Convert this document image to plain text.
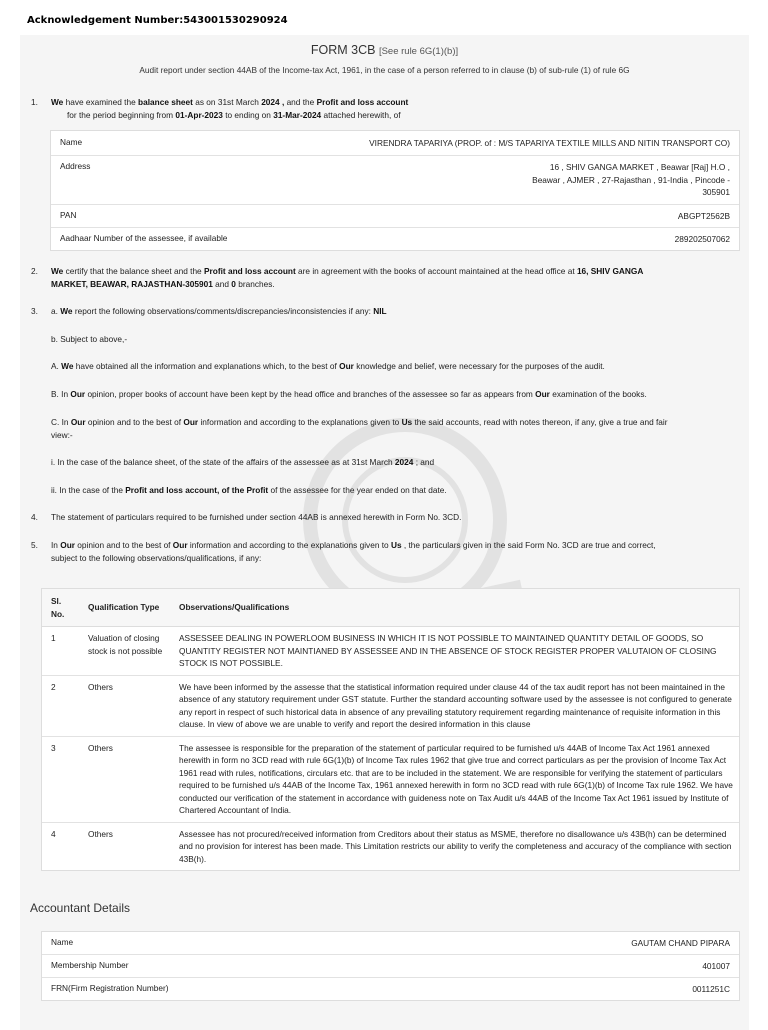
Acknowledgement Number:543001530290924
FORM 3CB [See rule 6G(1)(b)]
Audit report under section 44AB of the Income-tax Act, 1961, in the case of a person referred to in clause (b) of sub-rule (1) of rule 6G
1. We have examined the balance sheet as on 31st March 2024 , and the Profit and loss account
for the period beginning from 01-Apr-2023 to ending on 31-Mar-2024 attached herewith, of
Name	VIRENDRA TAPARIYA (PROP. of : M/S TAPARIYA TEXTILE MILLS AND NITIN TRANSPORT CO)
Address	16 , SHIV GANGA MARKET , Beawar [Raj] H.O ,
Beawar , AJMER , 27-Rajasthan , 91-India , Pincode -
305901
PAN	ABGPT2562B
Aadhaar Number of the assessee, if available	289202507062
2. We certify that the balance sheet and the Profit and loss account are in agreement with the books of account maintained at the head office at 16, SHIV GANGA
MARKET, BEAWAR, RAJASTHAN-305901 and 0 branches.
3. a. We report the following observations/comments/discrepancies/inconsistencies if any: NIL
b. Subject to above,-
A. We have obtained all the information and explanations which, to the best of Our knowledge and belief, were necessary for the purposes of the audit.
B. In Our opinion, proper books of account have been kept by the head office and branches of the assessee so far as appears from Our examination of the books.
C. In Our opinion and to the best of Our information and according to the explanations given to Us the said accounts, read with notes thereon, if any, give a true and fair
view:-
i. In the case of the balance sheet, of the state of the affairs of the assessee as at 31st March 2024 ; and
ii. In the case of the Profit and loss account, of the Profit of the assessee for the year ended on that date.
4. The statement of particulars required to be furnished under section 44AB is annexed herewith in Form No. 3CD.
5. In Our opinion and to the best of Our information and according to the explanations given to Us , the particulars given in the said Form No. 3CD are true and correct,
subject to the following observations/qualifications, if any:
Sl. No.	Qualification Type	Observations/Qualifications
1	Valuation of closing stock is not possible	ASSESSEE DEALING IN POWERLOOM BUSINESS IN WHICH IT IS NOT POSSIBLE TO MAINTAINED QUANTITY DETAIL OF GOODS, SO QUANTITY REGISTER NOT MAINTIANED BY ASSESSEE AND IN THE ABSENCE OF STOCK REGISTER PROPER VALUTAION OF CLOSING STOCK IS NOT POSSIBLE.
2	Others	We have been informed by the assesse that the statistical information required under clause 44 of the tax audit report has not been maintained in the absence of any statutory requirement under GST statute. Further the standard accounting software used by the assessee is not configured to generate any report in respect of such historical data in absence of any prevailing statutory requirement regarding maintenance of requisite information in this clause. In view of above we are unable to verify and report the desired information in this clause
3	Others	The assessee is responsible for the preparation of the statement of particular required to be furnished u/s 44AB of Income Tax Act 1961 annexed herewith in form no 3CD read with rule 6G(1)(b) of Income Tax rules 1962 that give true and correct particulars as per the provision of Income Tax Act 1961 read with rules, notifications, circulars etc. that are to be included in the statement. We are responsible for verifying the statement of particulars required to be furnished u/s 44AB of the Income Tax, 1961 annexed herewith in form no 3CD read with rule 6G(1)(b) of Income Tax rule 1962. We have conducted our verification of the statement in accordance with guideness note on Tax Audit u/s 44AB of the Income Tax Act 1961 issued by Institute of Chartered Accountant of India.
4	Others	Assessee has not procured/received information from Creditors about their status as MSME, therefore no disallowance u/s 43B(h) can be determined and no provision for interest has been made. This Limitation restricts our ability to verify the completeness and accuracy of the compliance with section 43B(h).
Accountant Details
Name	GAUTAM CHAND PIPARA
Membership Number	401007
FRN(Firm Registration Number)	0011251C
